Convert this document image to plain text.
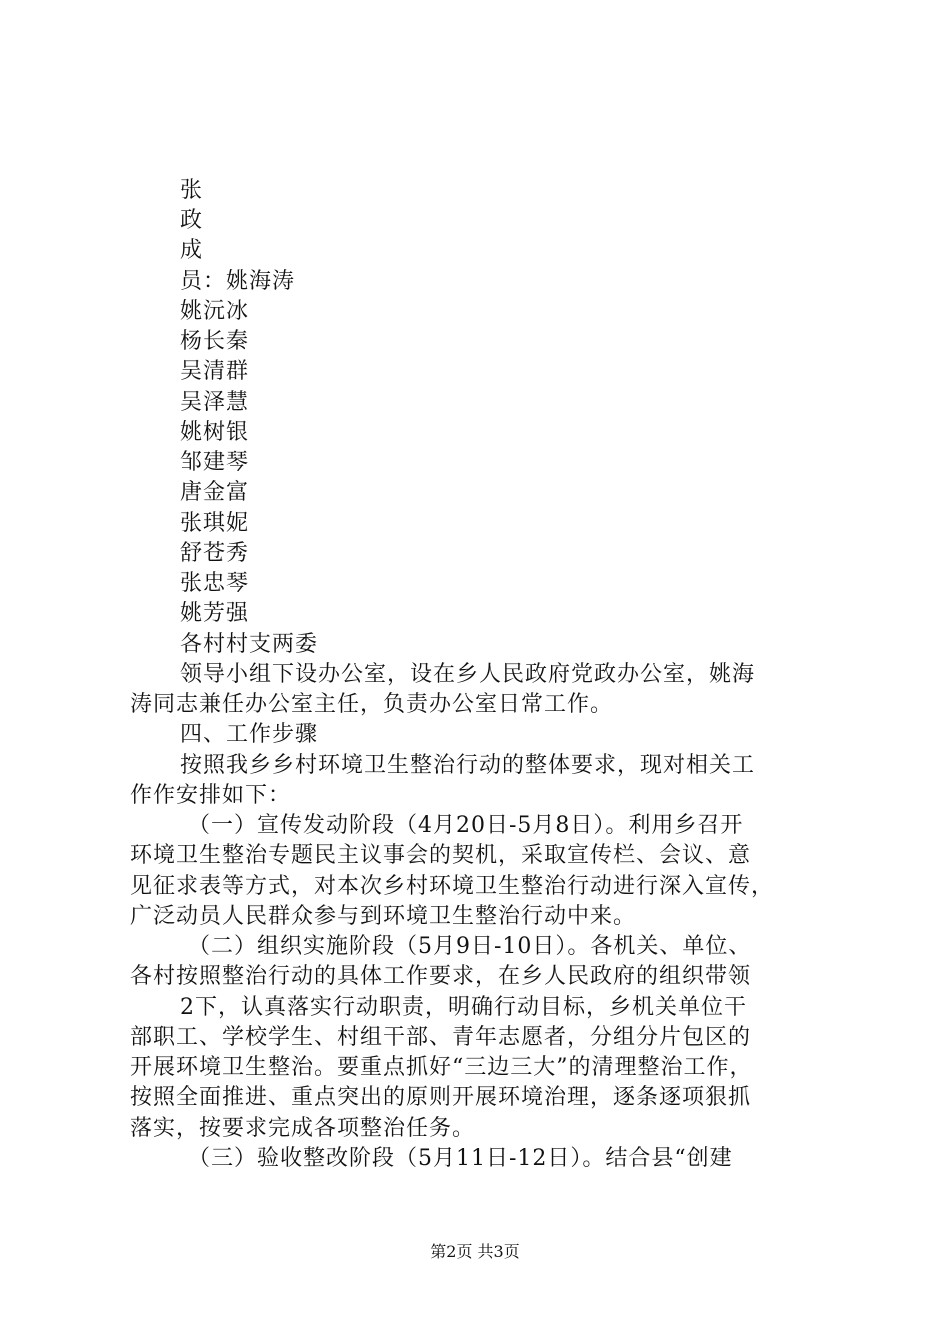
张
政
成
员：姚海涛
姚沅冰
杨长秦
吴清群
吴泽慧
姚树银
邹建琴
唐金富
张琪妮
舒苍秀
张忠琴
姚芳强
各村村支两委
领导小组下设办公室，设在乡人民政府党政办公室，姚海
涛同志兼任办公室主任，负责办公室日常工作。
四、工作步骤
按照我乡乡村环境卫生整治行动的整体要求，现对相关工
作作安排如下：
（一）宣传发动阶段（4月20日-5月8日）。利用乡召开
环境卫生整治专题民主议事会的契机，采取宣传栏、会议、意
见征求表等方式，对本次乡村环境卫生整治行动进行深入宣传，
广泛动员人民群众参与到环境卫生整治行动中来。
（二）组织实施阶段（5月9日-10日）。各机关、单位、
各村按照整治行动的具体工作要求，在乡人民政府的组织带领
2下，认真落实行动职责，明确行动目标，乡机关单位干
部职工、学校学生、村组干部、青年志愿者，分组分片包区的
开展环境卫生整治。要重点抓好“三边三大”的清理整治工作，
按照全面推进、重点突出的原则开展环境治理，逐条逐项狠抓
落实，按要求完成各项整治任务。
（三）验收整改阶段（5月11日-12日）。结合县“创建
第2页 共3页
